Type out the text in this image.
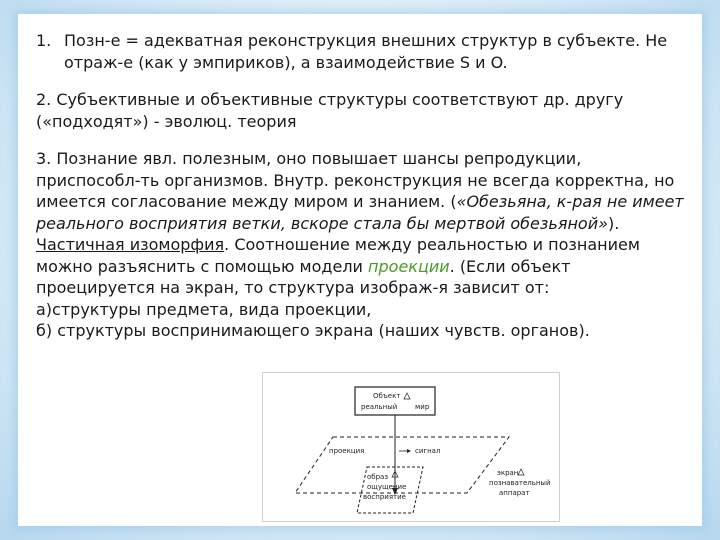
1. Позн-е = адекватная реконструкция внешних структур в субъекте. Не отраж-е (как у эмпириков), а взаимодействие S и O.
2. Субъективные и объективные структуры соответствуют др. другу («подходят») - эволюц. теория
3. Познание явл. полезным, оно повышает шансы репродукции, приспособл-ть организмов. Внутр. реконструкция не всегда корректна, но имеется согласование между миром и знанием. («Обезьяна, к-рая не имеет реального восприятия ветки, вскоре стала бы мертвой обезьяной»). Частичная изоморфия. Соотношение между реальностью и познанием можно разъяснить с помощью модели проекции. (Если объект проецируется на экран, то структура изображ-я зависит от:
а)структуры предмета, вида проекции,
б) структуры воспринимающего экрана (наших чувств. органов).
Объект
реальный	мир
образ
ощущение
восприятие
проекция	сигнал
экран
познавательный
аппарат
